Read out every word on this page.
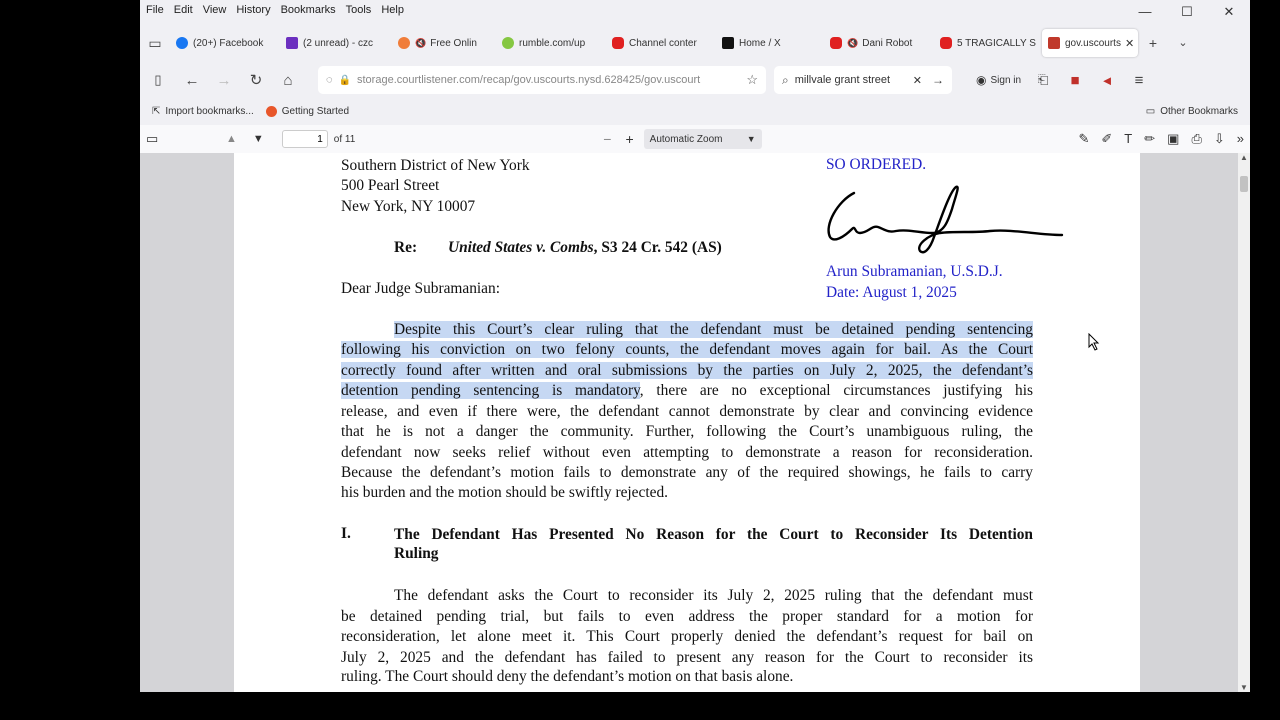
File Edit View History Bookmarks Tools Help	—	☐	✕
▭	(20+) Facebook	(2 unread) - czc	🔇 Free Onlin	rumble.com/up	Channel conter	Home / X	🔇 Dani Robot	5 TRAGICALLY S	gov.uscourts ✕	+	⌄
▯	←	→	↻	⌂	◌ 🔒 storage.courtlistener.com/recap/gov.uscourts.nysd.628425/gov.uscourt	☆ ⌕ millvale grant street	✕ →	◉ Sign in	⎗	■	◄	≡
⇱ Import bookmarks...	Getting Started	▭ Other Bookmarks
▭	▲ ▼
1	of 11	− + Automatic Zoom	▼	✎ ✐ T ✏ ▣ ⎙ ⇩ »
Southern District of New York
500 Pearl Street
New York, NY 10007
Re: United States v. Combs, S3 24 Cr. 542 (AS)
Dear Judge Subramanian:
SO ORDERED.
Arun Subramanian, U.S.D.J.
Date: August 1, 2025
Despite this Court’s clear ruling that the defendant must be detained pending sentencing
following his conviction on two felony counts, the defendant moves again for bail. As the Court
correctly found after written and oral submissions by the parties on July 2, 2025, the defendant’s
detention pending sentencing is mandatory, there are no exceptional circumstances justifying his
release, and even if there were, the defendant cannot demonstrate by clear and convincing evidence
that he is not a danger the community. Further, following the Court’s unambiguous ruling, the
defendant now seeks relief without even attempting to demonstrate a reason for reconsideration.
Because the defendant’s motion fails to demonstrate any of the required showings, he fails to carry
his burden and the motion should be swiftly rejected.
I.	The Defendant Has Presented No Reason for the Court to Reconsider Its Detention
Ruling
The defendant asks the Court to reconsider its July 2, 2025 ruling that the defendant must
be detained pending trial, but fails to even address the proper standard for a motion for
reconsideration, let alone meet it. This Court properly denied the defendant’s request for bail on
July 2, 2025 and the defendant has failed to present any reason for the Court to reconsider its
ruling. The Court should deny the defendant’s motion on that basis alone.
▲
▼
